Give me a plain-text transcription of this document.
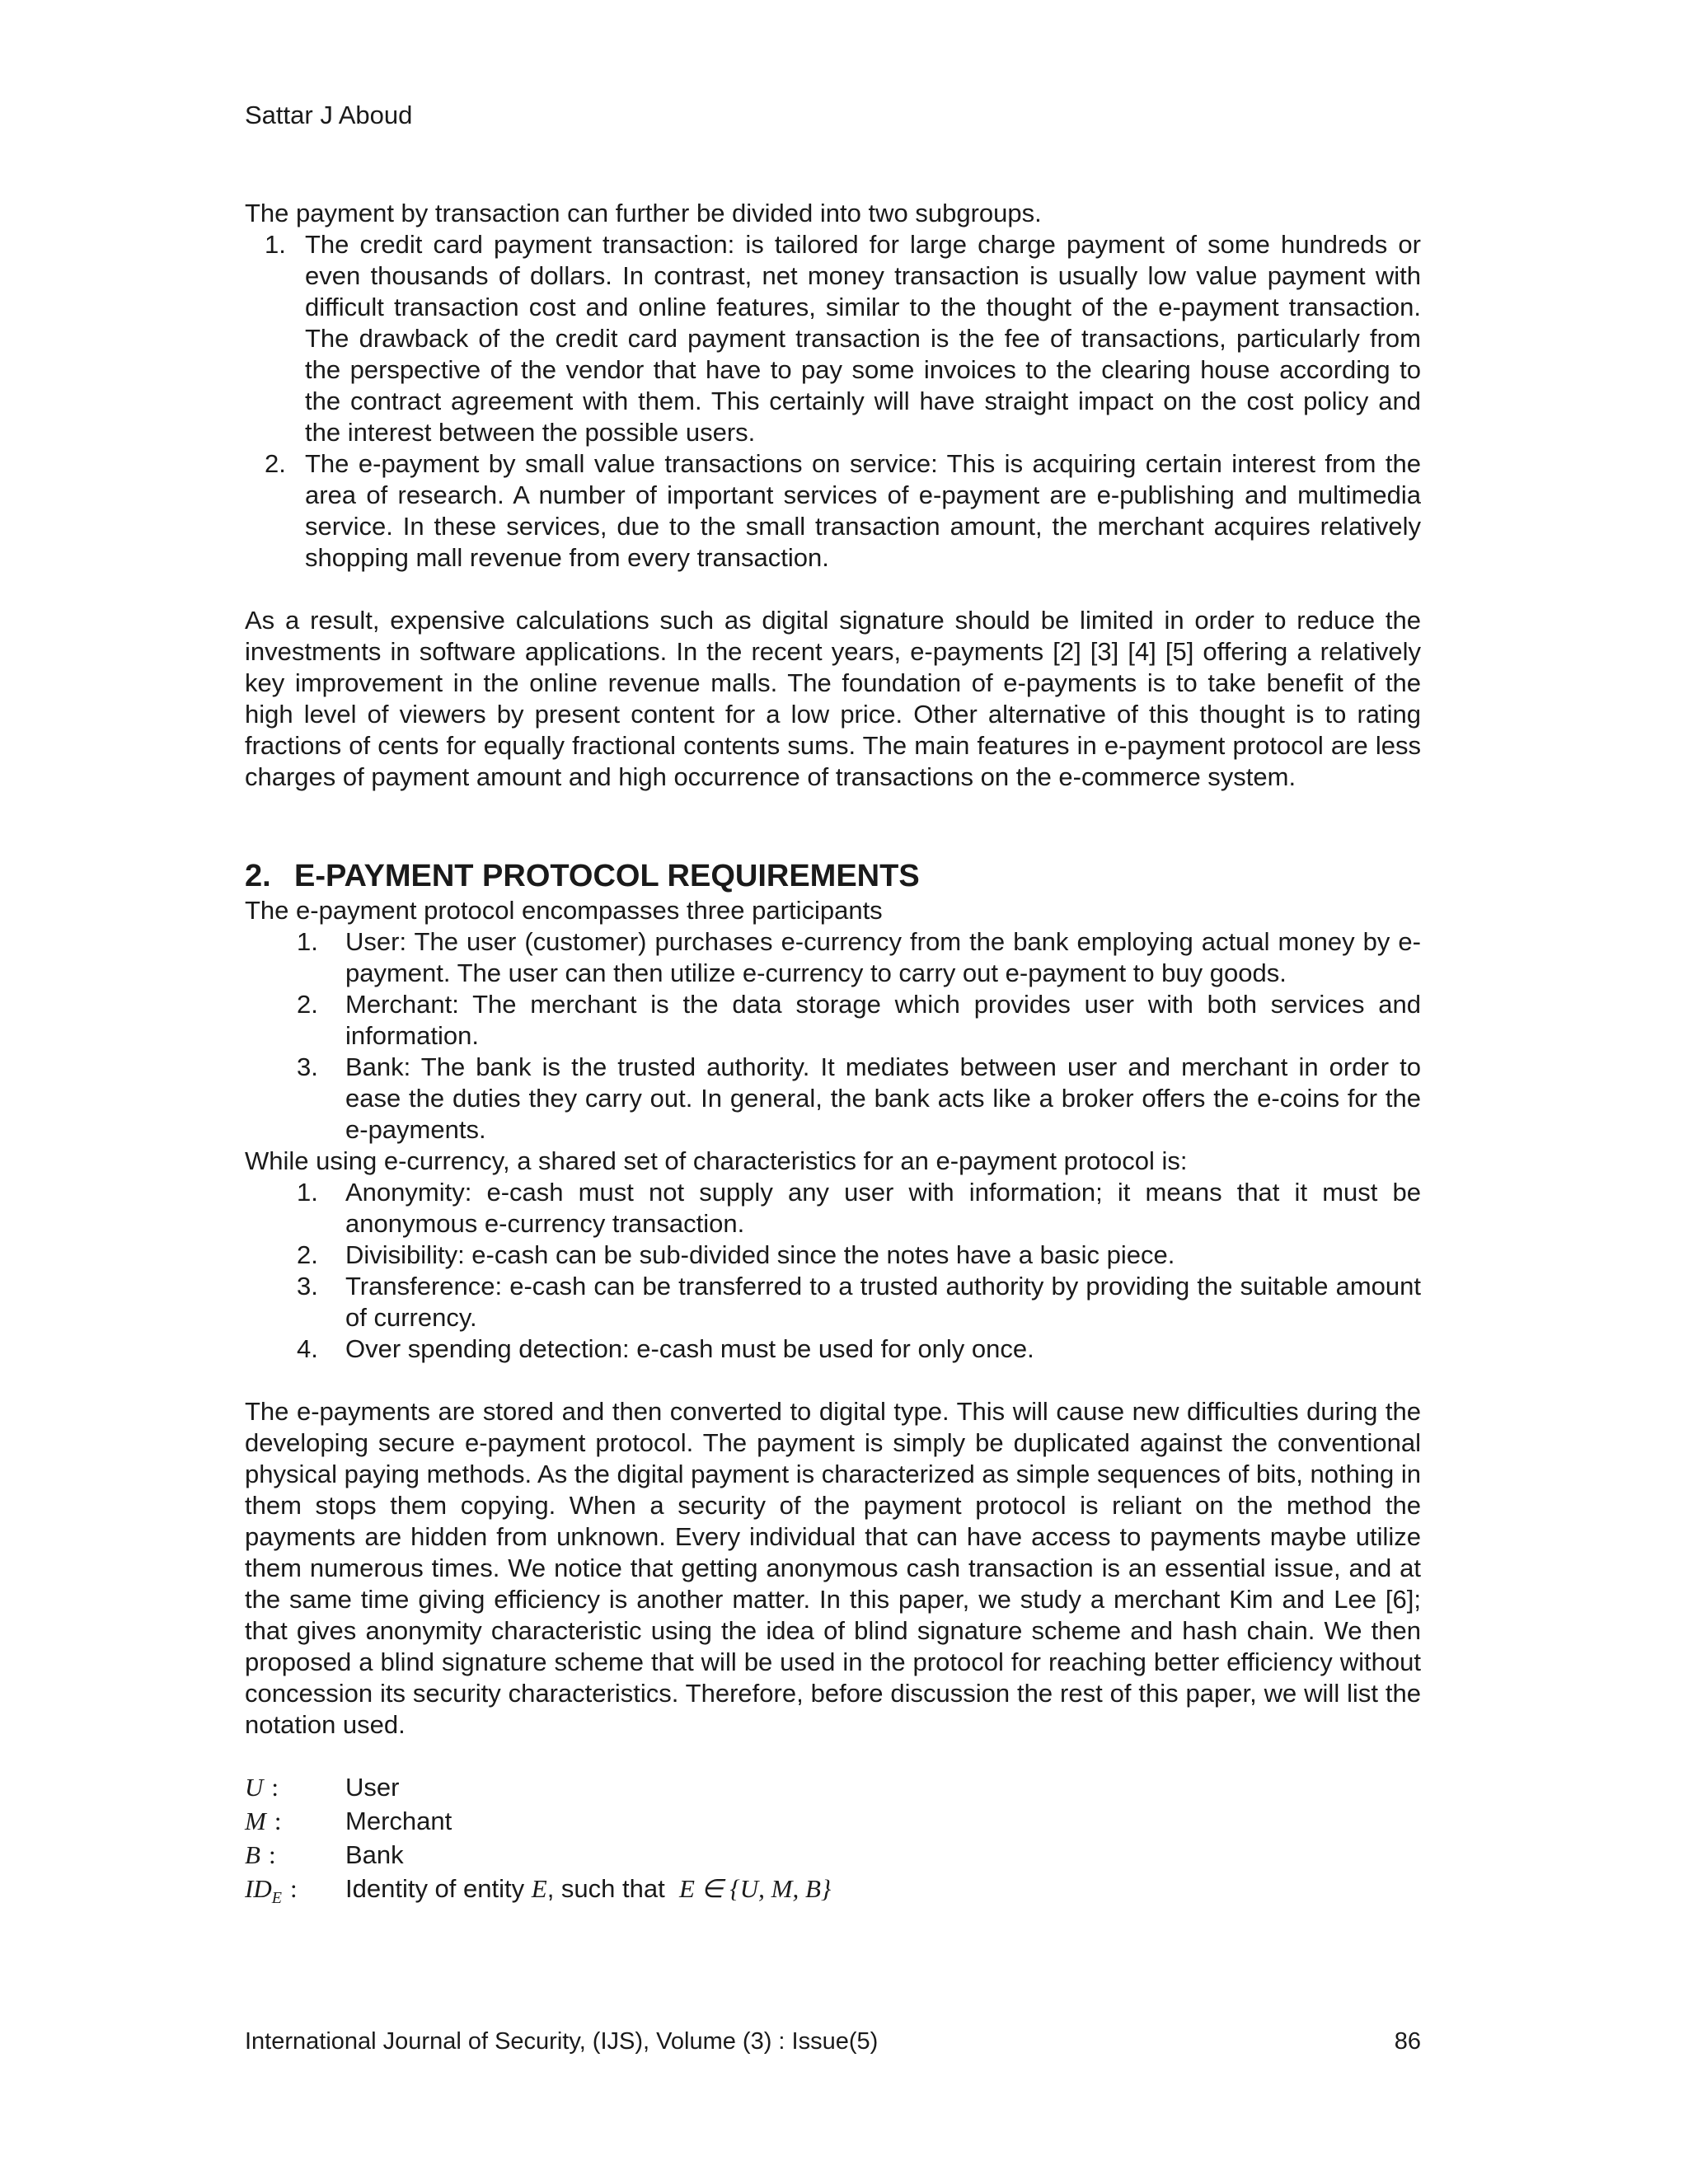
Sattar J Aboud

The payment by transaction can further be divided into two subgroups.

1. The credit card payment transaction: is tailored for large charge payment of some hundreds or even thousands of dollars. In contrast, net money transaction is usually low value payment with difficult transaction cost and online features, similar to the thought of the e-payment transaction. The drawback of the credit card payment transaction is the fee of transactions, particularly from the perspective of the vendor that have to pay some invoices to the clearing house according to the contract agreement with them. This certainly will have straight impact on the cost policy and the interest between the possible users.
2. The e-payment by small value transactions on service: This is acquiring certain interest from the area of research. A number of important services of e-payment are e-publishing and multimedia service. In these services, due to the small transaction amount, the merchant acquires relatively shopping mall revenue from every transaction.

As a result, expensive calculations such as digital signature should be limited in order to reduce the investments in software applications. In the recent years, e-payments [2] [3] [4] [5] offering a relatively key improvement in the online revenue malls. The foundation of e-payments is to take benefit of the high level of viewers by present content for a low price. Other alternative of this thought is to rating fractions of cents for equally fractional contents sums. The main features in e-payment protocol are less charges of payment amount and high occurrence of transactions on the e-commerce system.

2. E-PAYMENT PROTOCOL REQUIREMENTS

The e-payment protocol encompasses three participants

1. User: The user (customer) purchases e-currency from the bank employing actual money by e-payment. The user can then utilize e-currency to carry out e-payment to buy goods.
2. Merchant: The merchant is the data storage which provides user with both services and information.
3. Bank: The bank is the trusted authority. It mediates between user and merchant in order to ease the duties they carry out. In general, the bank acts like a broker offers the e-coins for the e-payments.

While using e-currency, a shared set of characteristics for an e-payment protocol is:

1. Anonymity: e-cash must not supply any user with information; it means that it must be anonymous e-currency transaction.
2. Divisibility: e-cash can be sub-divided since the notes have a basic piece.
3. Transference: e-cash can be transferred to a trusted authority by providing the suitable amount of currency.
4. Over spending detection: e-cash must be used for only once.

The e-payments are stored and then converted to digital type. This will cause new difficulties during the developing secure e-payment protocol. The payment is simply be duplicated against the conventional physical paying methods. As the digital payment is characterized as simple sequences of bits, nothing in them stops them copying. When a security of the payment protocol is reliant on the method the payments are hidden from unknown. Every individual that can have access to payments maybe utilize them numerous times. We notice that getting anonymous cash transaction is an essential issue, and at the same time giving efficiency is another matter. In this paper, we study a merchant Kim and Lee [6]; that gives anonymity characteristic using the idea of blind signature scheme and hash chain. We then proposed a blind signature scheme that will be used in the protocol for reaching better efficiency without concession its security characteristics. Therefore, before discussion the rest of this paper, we will list the notation used.

U :	User
M :	Merchant
B :	Bank
$ID_E$ :	Identity of entity E, such that E ∈ {U, M, B}
International Journal of Security, (IJS), Volume (3) : Issue(5)	86
